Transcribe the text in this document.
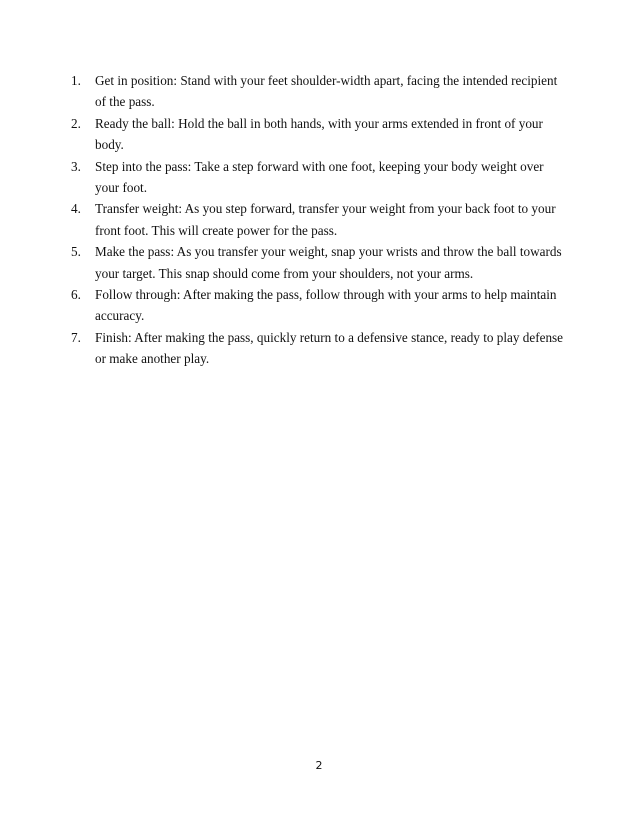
1. Get in position: Stand with your feet shoulder-width apart, facing the intended recipient of the pass.
2. Ready the ball: Hold the ball in both hands, with your arms extended in front of your body.
3. Step into the pass: Take a step forward with one foot, keeping your body weight over your foot.
4. Transfer weight: As you step forward, transfer your weight from your back foot to your front foot. This will create power for the pass.
5. Make the pass: As you transfer your weight, snap your wrists and throw the ball towards your target. This snap should come from your shoulders, not your arms.
6. Follow through: After making the pass, follow through with your arms to help maintain accuracy.
7. Finish: After making the pass, quickly return to a defensive stance, ready to play defense or make another play.
2
